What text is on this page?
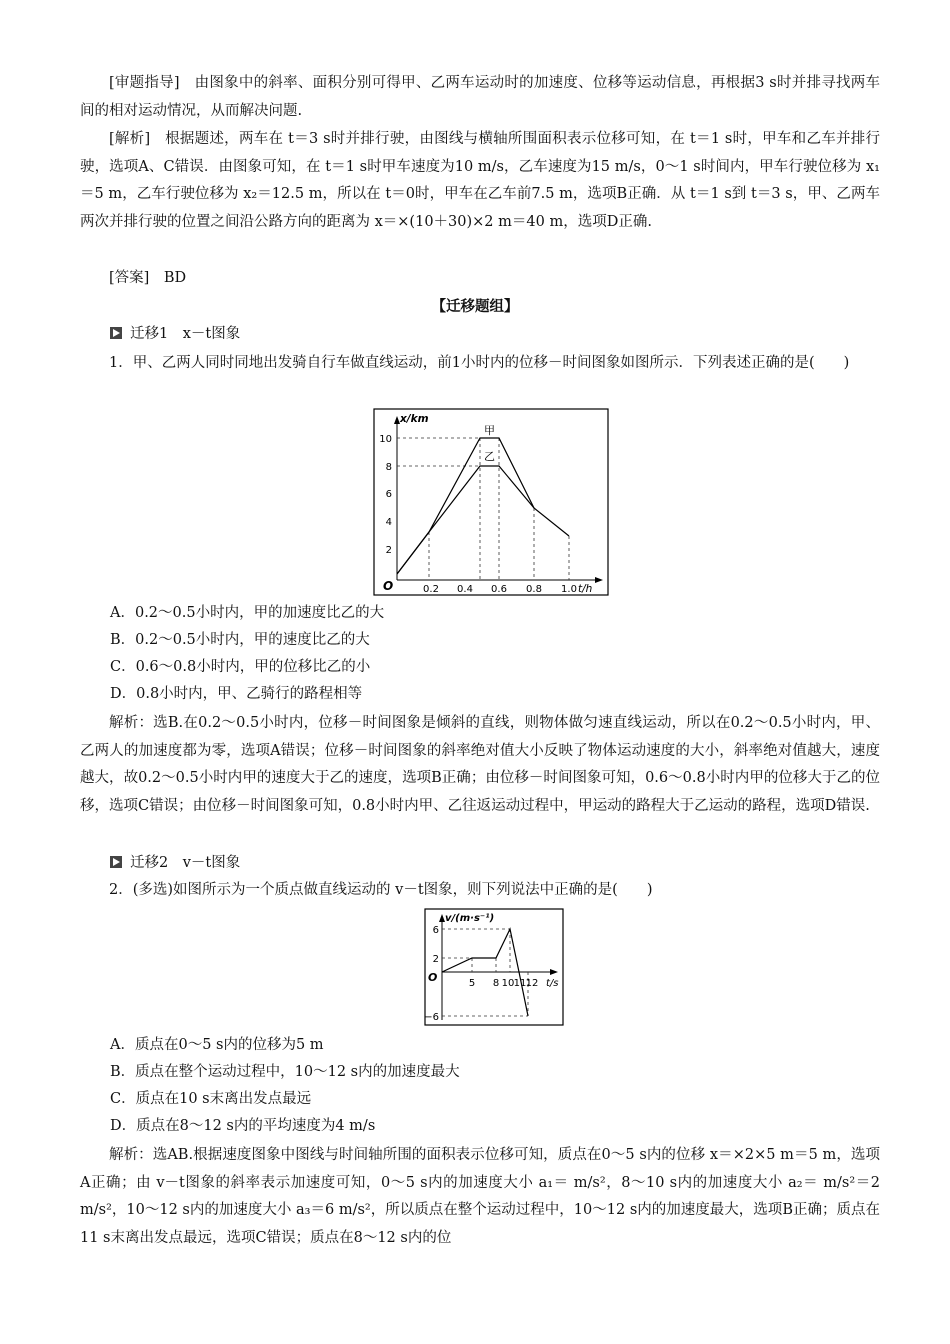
[审题指导]　由图象中的斜率、面积分别可得甲、乙两车运动时的加速度、位移等运动信息，再根据3 s时并排寻找两车间的相对运动情况，从而解决问题.
[解析]　根据题述，两车在 t＝3 s时并排行驶，由图线与横轴所围面积表示位移可知，在 t＝1 s时，甲车和乙车并排行驶，选项A、C错误．由图象可知，在 t＝1 s时甲车速度为10 m/s，乙车速度为15 m/s，0～1 s时间内，甲车行驶位移为 x₁＝5 m，乙车行驶位移为 x₂＝12.5 m，所以在 t＝0时，甲车在乙车前7.5 m，选项B正确．从 t＝1 s到 t＝3 s，甲、乙两车两次并排行驶的位置之间沿公路方向的距离为 x＝×(10＋30)×2 m＝40 m，选项D正确.
[答案]　BD
【迁移题组】
迁移1　x－t图象
1．甲、乙两人同时同地出发骑自行车做直线运动，前1小时内的位移－时间图象如图所示．下列表述正确的是(　　)
x/km
t/h
O
甲
乙
2
4
6
8
10
0.2 0.4 0.6 0.8 1.0
A．0.2～0.5小时内，甲的加速度比乙的大
B．0.2～0.5小时内，甲的速度比乙的大
C．0.6～0.8小时内，甲的位移比乙的小
D．0.8小时内，甲、乙骑行的路程相等
解析：选B.在0.2～0.5小时内，位移－时间图象是倾斜的直线，则物体做匀速直线运动，所以在0.2～0.5小时内，甲、乙两人的加速度都为零，选项A错误；位移－时间图象的斜率绝对值大小反映了物体运动速度的大小，斜率绝对值越大，速度越大，故0.2～0.5小时内甲的速度大于乙的速度，选项B正确；由位移－时间图象可知，0.6～0.8小时内甲的位移大于乙的位移，选项C错误；由位移－时间图象可知，0.8小时内甲、乙往返运动过程中，甲运动的路程大于乙运动的路程，选项D错误.
迁移2　v－t图象
2．(多选)如图所示为一个质点做直线运动的 v－t图象，则下列说法中正确的是(　　)
v/(m·s⁻¹)
t/s
O
6
2
−6
5 8 10 11 12
A．质点在0～5 s内的位移为5 m
B．质点在整个运动过程中，10～12 s内的加速度最大
C．质点在10 s末离出发点最远
D．质点在8～12 s内的平均速度为4 m/s
解析：选AB.根据速度图象中图线与时间轴所围的面积表示位移可知，质点在0～5 s内的位移 x＝×2×5 m＝5 m，选项A正确；由 v－t图象的斜率表示加速度可知，0～5 s内的加速度大小 a₁＝ m/s²，8～10 s内的加速度大小 a₂＝ m/s²＝2 m/s²，10～12 s内的加速度大小 a₃＝6 m/s²，所以质点在整个运动过程中，10～12 s内的加速度最大，选项B正确；质点在11 s末离出发点最远，选项C错误；质点在8～12 s内的位
